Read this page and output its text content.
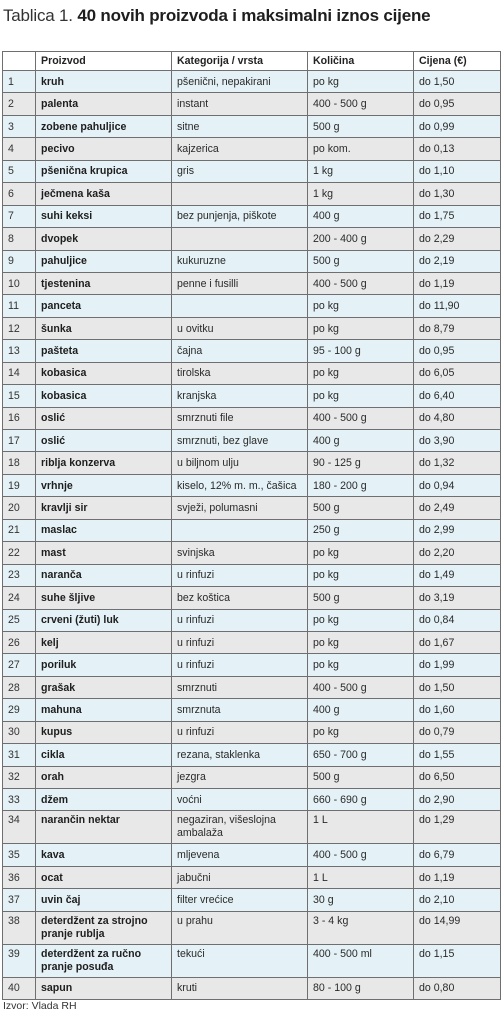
Tablica 1. 40 novih proizvoda i maksimalni iznos cijene
	Proizvod	Kategorija / vrsta	Količina	Cijena (€)
1	kruh	pšenični, nepakirani	po kg	do 1,50
2	palenta	instant	400 - 500 g	do 0,95
3	zobene pahuljice	sitne	500 g	do 0,99
4	pecivo	kajzerica	po kom.	do 0,13
5	pšenična krupica	gris	1 kg	do 1,10
6	ječmena kaša		1 kg	do 1,30
7	suhi keksi	bez punjenja, piškote	400 g	do 1,75
8	dvopek		200 - 400 g	do 2,29
9	pahuljice	kukuruzne	500 g	do 2,19
10	tjestenina	penne i fusilli	400 - 500 g	do 1,19
11	panceta		po kg	do 11,90
12	šunka	u ovitku	po kg	do 8,79
13	pašteta	čajna	95 - 100 g	do 0,95
14	kobasica	tirolska	po kg	do 6,05
15	kobasica	kranjska	po kg	do 6,40
16	oslić	smrznuti file	400 - 500 g	do 4,80
17	oslić	smrznuti, bez glave	400 g	do 3,90
18	riblja konzerva	u biljnom ulju	90 - 125 g	do 1,32
19	vrhnje	kiselo, 12% m. m., čašica	180 - 200 g	do 0,94
20	kravlji sir	svježi, polumasni	500 g	do 2,49
21	maslac		250 g	do 2,99
22	mast	svinjska	po kg	do 2,20
23	naranča	u rinfuzi	po kg	do 1,49
24	suhe šljive	bez koštica	500 g	do 3,19
25	crveni (žuti) luk	u rinfuzi	po kg	do 0,84
26	kelj	u rinfuzi	po kg	do 1,67
27	poriluk	u rinfuzi	po kg	do 1,99
28	grašak	smrznuti	400 - 500 g	do 1,50
29	mahuna	smrznuta	400 g	do 1,60
30	kupus	u rinfuzi	po kg	do 0,79
31	cikla	rezana, staklenka	650 - 700 g	do 1,55
32	orah	jezgra	500 g	do 6,50
33	džem	voćni	660 - 690 g	do 2,90
34	narančin nektar	negaziran, višeslojna ambalaža	1 L	do 1,29
35	kava	mljevena	400 - 500 g	do 6,79
36	ocat	jabučni	1 L	do 1,19
37	uvin čaj	filter vrećice	30 g	do 2,10
38	deterdžent za strojno pranje rublja	u prahu	3 - 4 kg	do 14,99
39	deterdžent za ručno pranje posuđa	tekući	400 - 500 ml	do 1,15
40	sapun	kruti	80 - 100 g	do 0,80
Izvor: Vlada RH
